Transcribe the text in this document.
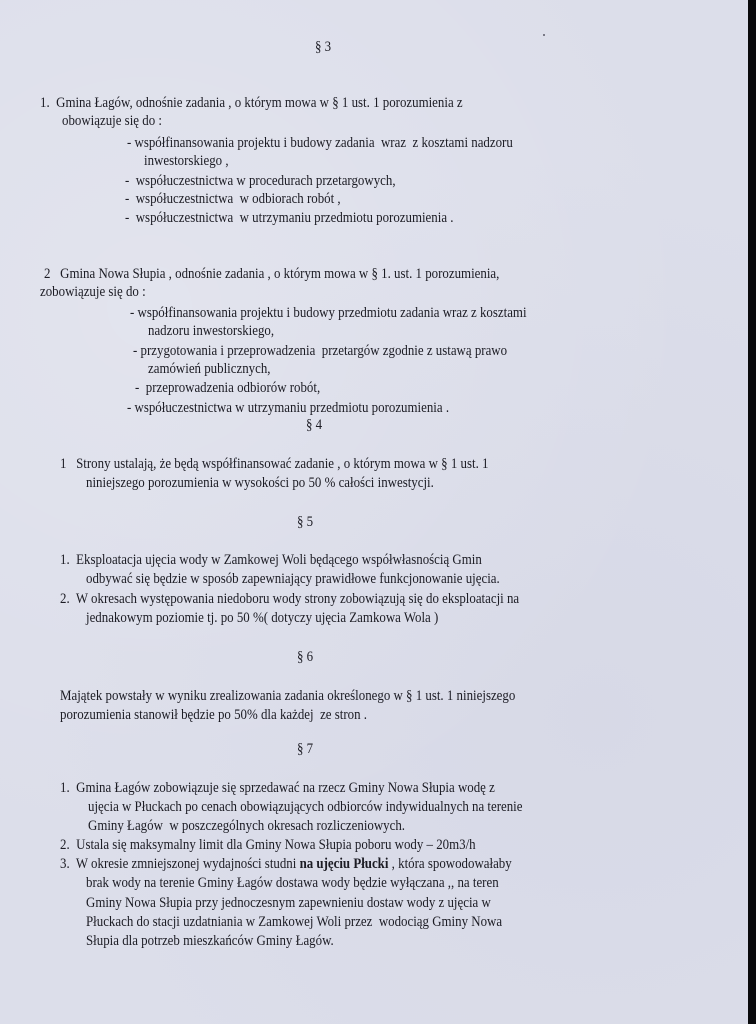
§ 3
1.  Gmina Łagów, odnośnie zadania , o którym mowa w § 1 ust. 1 porozumienia z
obowiązuje się do :
- współfinansowania projektu i budowy zadania  wraz  z kosztami nadzoru
inwestorskiego ,
-  współuczestnictwa w procedurach przetargowych,
-  współuczestnictwa  w odbiorach robót ,
-  współuczestnictwa  w utrzymaniu przedmiotu porozumienia .
2   Gmina Nowa Słupia , odnośnie zadania , o którym mowa w § 1. ust. 1 porozumienia,
zobowiązuje się do :
- współfinansowania projektu i budowy przedmiotu zadania wraz z kosztami
nadzoru inwestorskiego,
- przygotowania i przeprowadzenia  przetargów zgodnie z ustawą prawo
zamówień publicznych,
-  przeprowadzenia odbiorów robót,
- współuczestnictwa w utrzymaniu przedmiotu porozumienia .
§ 4
1   Strony ustalają, że będą współfinansować zadanie , o którym mowa w § 1 ust. 1
niniejszego porozumienia w wysokości po 50 % całości inwestycji.
§ 5
1.  Eksploatacja ujęcia wody w Zamkowej Woli będącego współwłasnością Gmin
odbywać się będzie w sposób zapewniający prawidłowe funkcjonowanie ujęcia.
2.  W okresach występowania niedoboru wody strony zobowiązują się do eksploatacji na
jednakowym poziomie tj. po 50 %( dotyczy ujęcia Zamkowa Wola )
§ 6
Majątek powstały w wyniku zrealizowania zadania określonego w § 1 ust. 1 niniejszego
porozumienia stanowił będzie po 50% dla każdej  ze stron .
§ 7
1.  Gmina Łagów zobowiązuje się sprzedawać na rzecz Gminy Nowa Słupia wodę z
ujęcia w Płuckach po cenach obowiązujących odbiorców indywidualnych na terenie
Gminy Łagów  w poszczególnych okresach rozliczeniowych.
2.  Ustala się maksymalny limit dla Gminy Nowa Słupia poboru wody – 20m3/h
3.  W okresie zmniejszonej wydajności studni na ujęciu Płucki , która spowodowałaby
brak wody na terenie Gminy Łagów dostawa wody będzie wyłączana ,, na teren
Gminy Nowa Słupia przy jednoczesnym zapewnieniu dostaw wody z ujęcia w
Płuckach do stacji uzdatniania w Zamkowej Woli przez  wodociąg Gminy Nowa
Słupia dla potrzeb mieszkańców Gminy Łagów.
